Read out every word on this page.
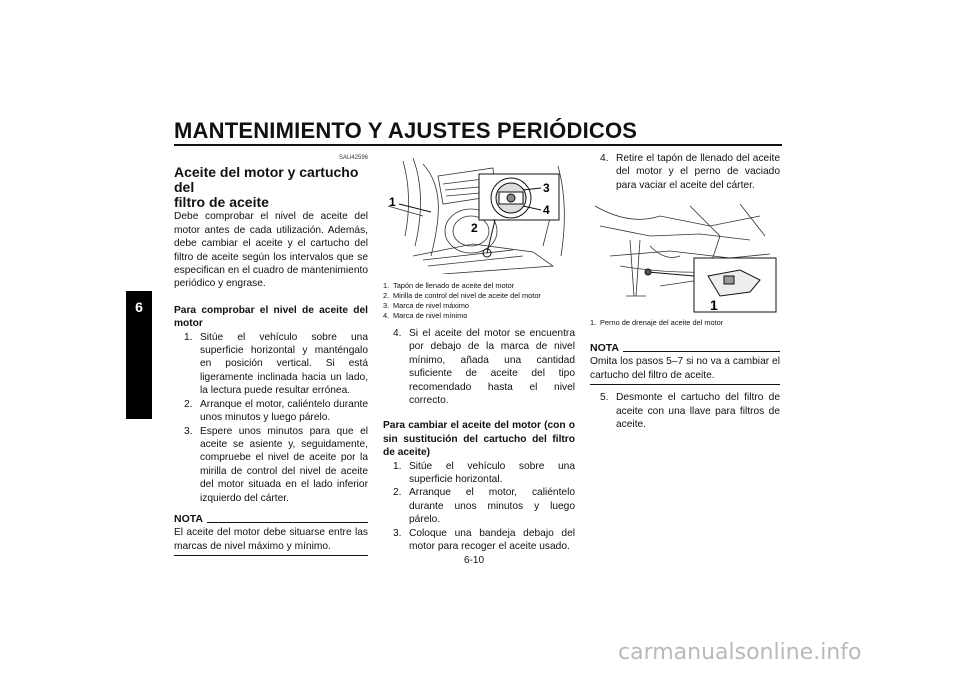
MANTENIMIENTO Y AJUSTES PERIÓDICOS
6
SAU42596
Aceite del motor y cartucho del
filtro de aceite

Debe comprobar el nivel de aceite del motor antes de cada utilización. Además, debe cambiar el aceite y el cartucho del filtro de aceite según los intervalos que se especifican en el cuadro de mantenimiento periódico y engrase.

Para comprobar el nivel de aceite del motor

1. Sitúe el vehículo sobre una superficie horizontal y manténgalo en posición vertical. Si está ligeramente inclinada hacia un lado, la lectura puede resultar errónea.
2. Arranque el motor, caliéntelo durante unos minutos y luego párelo.
3. Espere unos minutos para que el aceite se asiente y, seguidamente, compruebe el nivel de aceite por la mirilla de control del nivel de aceite del motor situada en el lado inferior izquierdo del cárter.
NOTA

El aceite del motor debe situarse entre las marcas de nivel máximo y mínimo.

1
2
3
4
1. Tapón de llenado de aceite del motor
2. Mirilla de control del nivel de aceite del motor
3. Marca de nivel máximo
4. Marca de nivel mínimo
4. Si el aceite del motor se encuentra por debajo de la marca de nivel mínimo, añada una cantidad suficiente de aceite del tipo recomendado hasta el nivel correcto.

Para cambiar el aceite del motor (con o sin sustitución del cartucho del filtro de aceite)

1. Sitúe el vehículo sobre una superficie horizontal.
2. Arranque el motor, caliéntelo durante unos minutos y luego párelo.
3. Coloque una bandeja debajo del motor para recoger el aceite usado.
4. Retire el tapón de llenado del aceite del motor y el perno de vaciado para vaciar el aceite del cárter.
1
1. Perno de drenaje del aceite del motor
NOTA

Omita los pasos 5–7 si no va a cambiar el cartucho del filtro de aceite.

5. Desmonte el cartucho del filtro de aceite con una llave para filtros de aceite.
6-10
carmanualsonline.info
